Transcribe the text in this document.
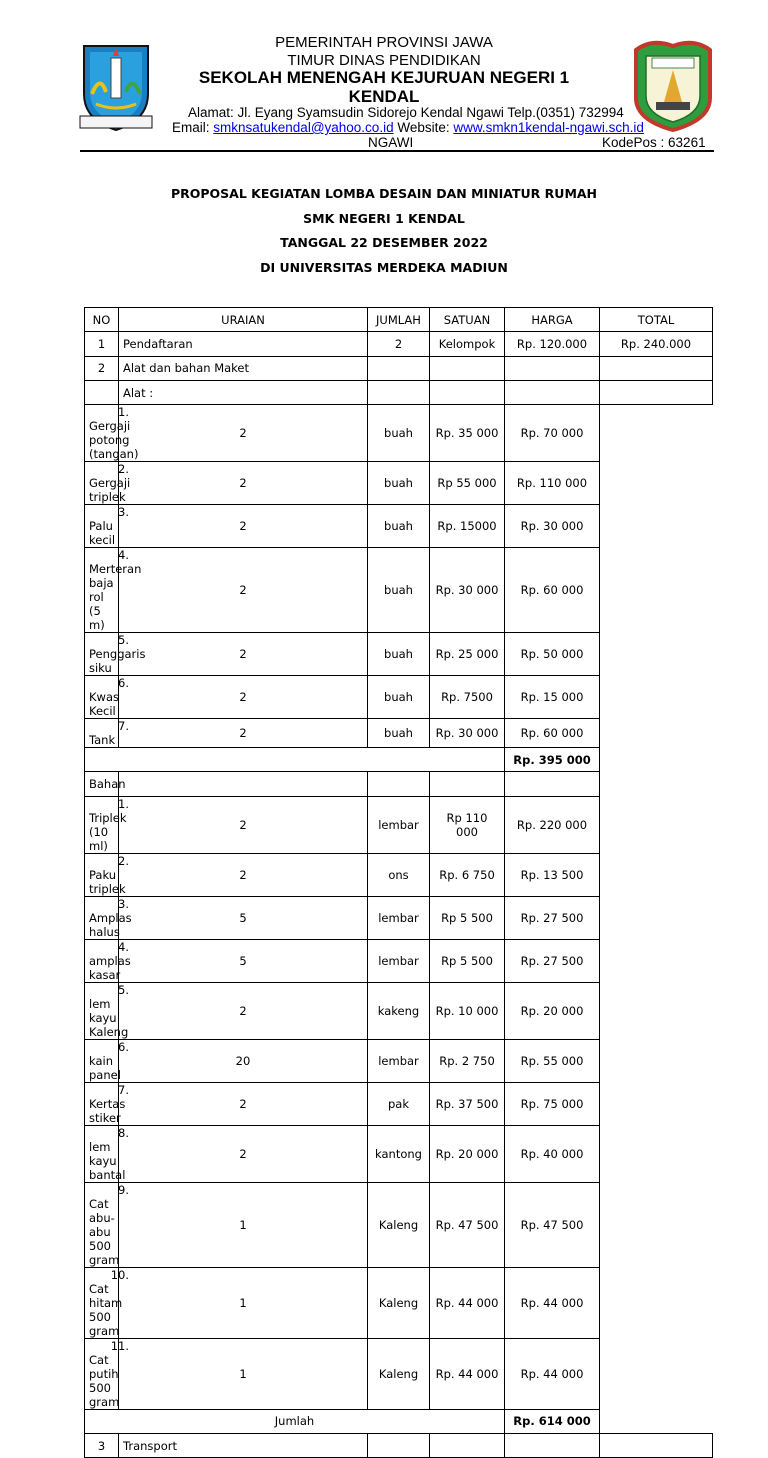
PEMERINTAH PROVINSI JAWA
TIMUR DINAS PENDIDIKAN
SEKOLAH MENENGAH KEJURUAN NEGERI 1
KENDAL
Alamat: Jl. Eyang Syamsudin Sidorejo Kendal Ngawi Telp.(0351) 732994
Email: smknsatukendal@yahoo.co.id Website: www.smkn1kendal-ngawi.sch.id
NGAWI	KodePos : 63261
PROPOSAL KEGIATAN LOMBA DESAIN DAN MINIATUR RUMAH
SMK NEGERI 1 KENDAL
TANGGAL 22 DESEMBER 2022
DI UNIVERSITAS MERDEKA MADIUN
NO	URAIAN	JUMLAH	SATUAN	HARGA	TOTAL
1	Pendaftaran	2	Kelompok	Rp. 120.000	Rp. 240.000
2	Alat dan bahan Maket				
	Alat :				
1.Gergaji potong (tangan)	2	buah	Rp. 35 000	Rp. 70 000	
2.Gergaji triplek	2	buah	Rp 55 000	Rp. 110 000	
3.Palu kecil	2	buah	Rp. 15000	Rp. 30 000	
4.Merteran baja rol (5 m)	2	buah	Rp. 30 000	Rp. 60 000	
5.Penggaris siku	2	buah	Rp. 25 000	Rp. 50 000	
6.Kwas Kecil	2	buah	Rp. 7500	Rp. 15 000	
7.Tank	2	buah	Rp. 30 000	Rp. 60 000	
				Rp. 395 000	
Bahan					
1.Triplek (10 ml)	2	lembar	Rp 110 000	Rp. 220 000	
2.Paku triplek	2	ons	Rp. 6 750	Rp. 13 500	
3.Amplas halus	5	lembar	Rp 5 500	Rp. 27 500	
4.amplas kasar	5	lembar	Rp 5 500	Rp. 27 500	
5.lem kayu Kaleng	2	kakeng	Rp. 10 000	Rp. 20 000	
6.kain panel	20	lembar	Rp. 2 750	Rp. 55 000	
7.Kertas stiker	2	pak	Rp. 37 500	Rp. 75 000	
8.lem kayu bantal	2	kantong	Rp. 20 000	Rp. 40 000	
9.Cat abu-abu 500 gram	1	Kaleng	Rp. 47 500	Rp. 47 500	
10.Cat hitam 500 gram	1	Kaleng	Rp. 44 000	Rp. 44 000	
11.Cat putih 500 gram	1	Kaleng	Rp. 44 000	Rp. 44 000	
Jumlah				Rp. 614 000	
3	Transport				
